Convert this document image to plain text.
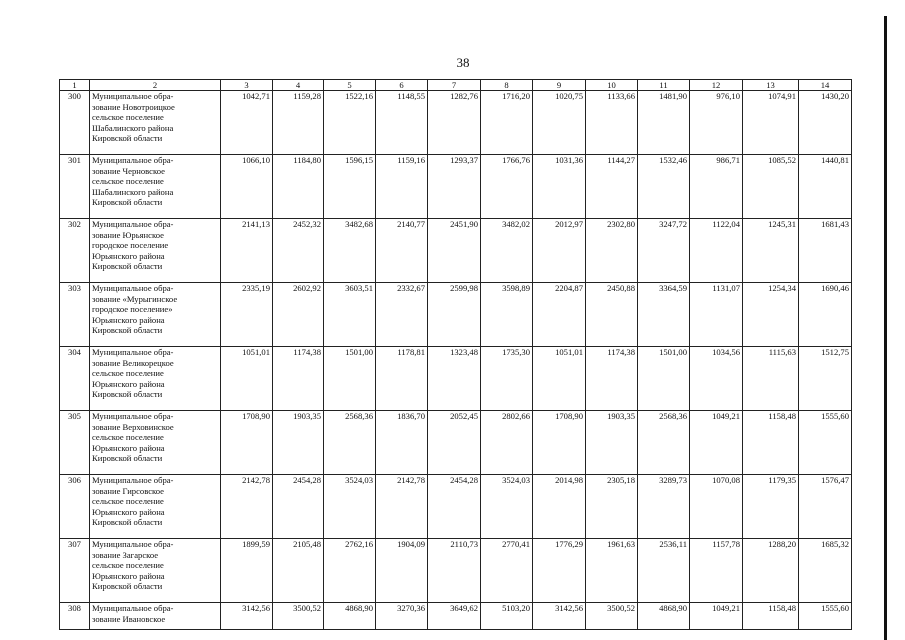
38
1	2	3	4	5	6	7	8	9	10	11	12	13	14
300	Муниципальное обра-
зование Новотроицкое
сельское поселение
Шабалинского района
Кировской области	1042,71	1159,28	1522,16	1148,55	1282,76	1716,20	1020,75	1133,66	1481,90	976,10	1074,91	1430,20
301	Муниципальное обра-
зование Черновское
сельское поселение
Шабалинского района
Кировской области	1066,10	1184,80	1596,15	1159,16	1293,37	1766,76	1031,36	1144,27	1532,46	986,71	1085,52	1440,81
302	Муниципальное обра-
зование Юрьянское
городское поселение
Юрьянского района
Кировской области	2141,13	2452,32	3482,68	2140,77	2451,90	3482,02	2012,97	2302,80	3247,72	1122,04	1245,31	1681,43
303	Муниципальное обра-
зование «Мурыгинское
городское поселение»
Юрьянского района
Кировской области	2335,19	2602,92	3603,51	2332,67	2599,98	3598,89	2204,87	2450,88	3364,59	1131,07	1254,34	1690,46
304	Муниципальное обра-
зование Великорецкое
сельское поселение
Юрьянского района
Кировской области	1051,01	1174,38	1501,00	1178,81	1323,48	1735,30	1051,01	1174,38	1501,00	1034,56	1115,63	1512,75
305	Муниципальное обра-
зование Верховинское
сельское поселение
Юрьянского района
Кировской области	1708,90	1903,35	2568,36	1836,70	2052,45	2802,66	1708,90	1903,35	2568,36	1049,21	1158,48	1555,60
306	Муниципальное обра-
зование Гирсовское
сельское поселение
Юрьянского района
Кировской области	2142,78	2454,28	3524,03	2142,78	2454,28	3524,03	2014,98	2305,18	3289,73	1070,08	1179,35	1576,47
307	Муниципальное обра-
зование Загарское
сельское поселение
Юрьянского района
Кировской области	1899,59	2105,48	2762,16	1904,09	2110,73	2770,41	1776,29	1961,63	2536,11	1157,78	1288,20	1685,32
308	Муниципальное обра-
зование Ивановское	3142,56	3500,52	4868,90	3270,36	3649,62	5103,20	3142,56	3500,52	4868,90	1049,21	1158,48	1555,60
